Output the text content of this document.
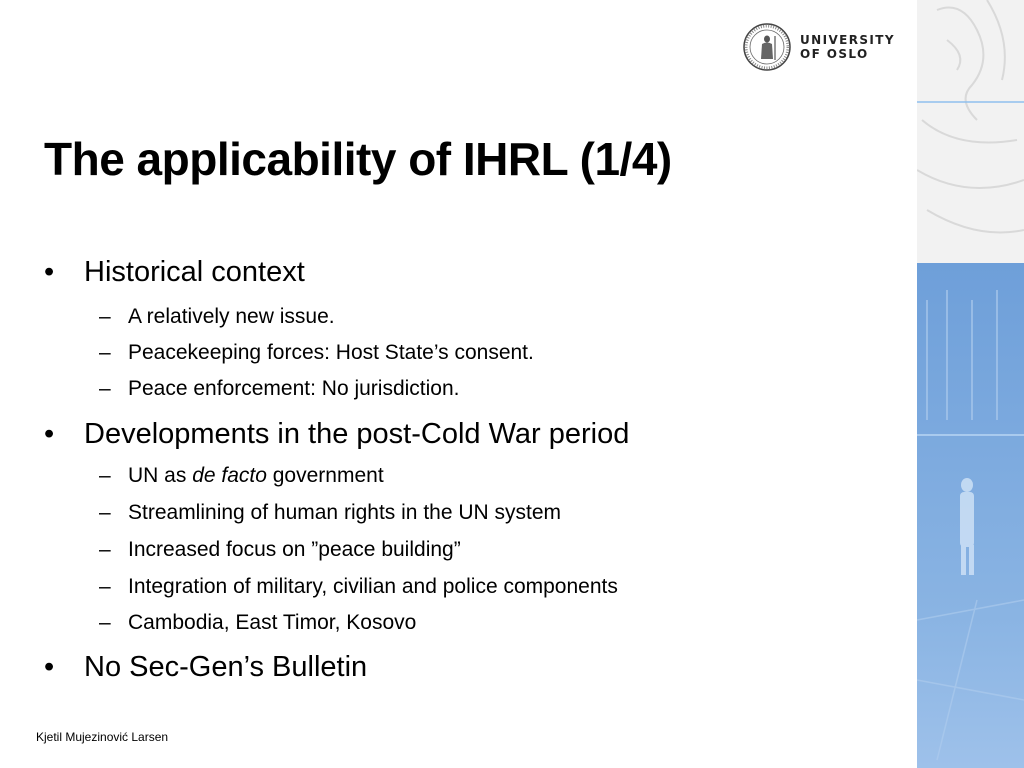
UNIVERSITY
OF OSLO
The applicability of IHRL (1/4)
• Historical context
– A relatively new issue.
– Peacekeeping forces: Host State’s consent.
– Peace enforcement: No jurisdiction.
• Developments in the post-Cold War period
– UN as de facto government
– Streamlining of human rights in the UN system
– Increased focus on ”peace building”
– Integration of military, civilian and police components
– Cambodia, East Timor, Kosovo
• No Sec-Gen’s Bulletin
Kjetil Mujezinović Larsen
